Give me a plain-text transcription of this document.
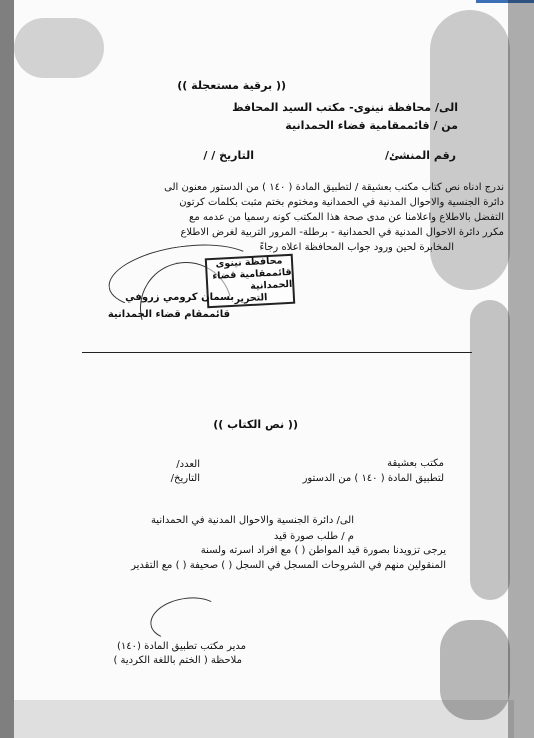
(( برقية مستعجلة ))
الى/ محافظة نينوى- مكتب السيد المحافظ
من / قائممقامية قضاء الحمدانية
رقم المنشئ/
التاريخ / /
ندرج ادناه نص كتاب مكتب بعشيقة / لتطبيق المادة ( ١٤٠ ) من الدستور معنون الى
دائرة الجنسية والاحوال المدنية في الحمدانية ومختوم بختم مثبت بكلمات كرتون
التفضل بالاطلاع واعلامنا عن مدى صحة هذا المكتب كونه رسميا من عدمه مع
مكرر دائرة الاحوال المدنية في الحمدانية - برطلة- المرور التربية لغرض الاطلاع
المخابرة لحين ورود جواب المحافظة اعلاه رجاءً
محافظة نينوى
قائممقامية قضاء الحمدانية
التحرير
بسمان كرومي زروفي
قائممقام قضاء الحمدانية
(( نص الكتاب ))
مكتب بعشيقة
لتطبيق المادة ( ١٤٠ ) من الدستور
العدد/
التاريخ/
الى/ دائرة الجنسية والاحوال المدنية في الحمدانية
م / طلب صورة قيد
يرجى تزويدنا بصورة قيد المواطن ( ) مع افراد اسرته ولسنة
المنقولين منهم في الشروحات المسجل في السجل ( ) صحيفة ( ) مع التقدير
مدير مكتب تطبيق المادة (١٤٠)
ملاحظة ( الختم باللغة الكردية )
